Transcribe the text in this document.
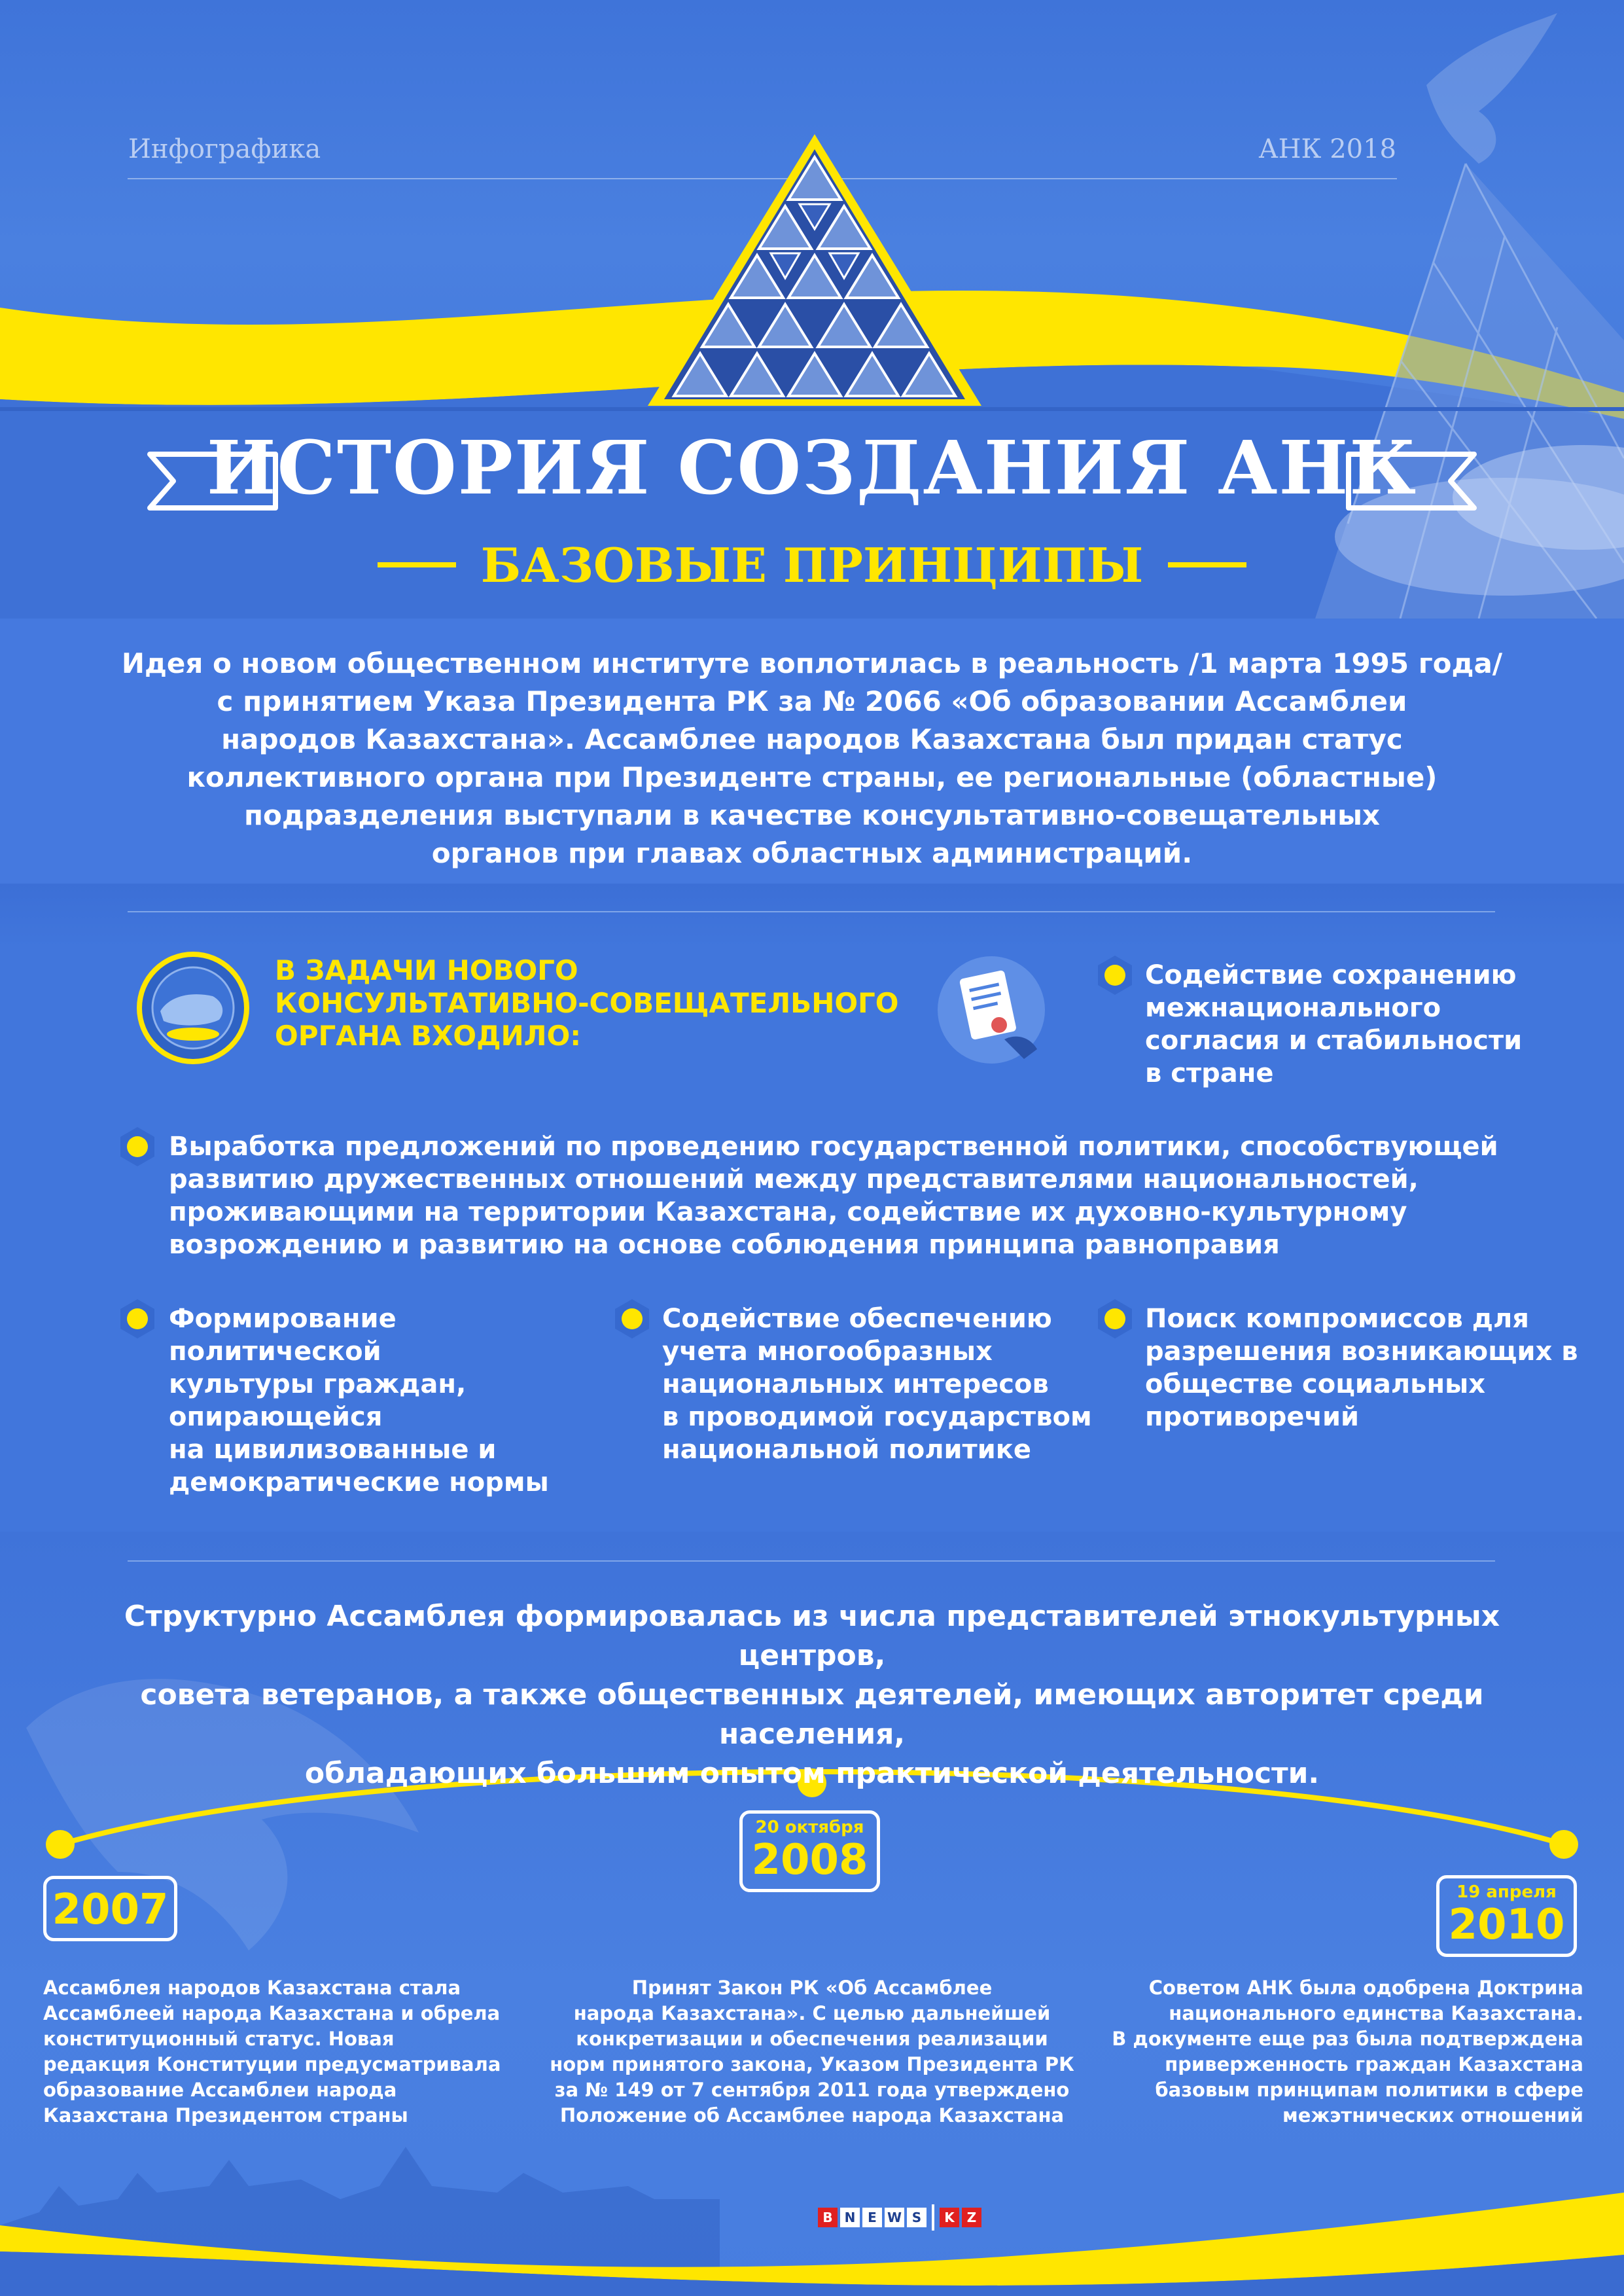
Инфографика	АНК 2018
ИСТОРИЯ СОЗДАНИЯ АНК
БАЗОВЫЕ ПРИНЦИПЫ
Идея о новом общественном институте воплотилась в реальность /1 марта 1995 года/
с принятием Указа Президента РК за № 2066 «Об образовании Ассамблеи
народов Казахстана». Ассамблее народов Казахстана был придан статус
коллективного органа при Президенте страны, ее региональные (областные)
подразделения выступали в качестве консультативно-совещательных
органов при главах областных администраций.
В ЗАДАЧИ НОВОГО
КОНСУЛЬТАТИВНО-СОВЕЩАТЕЛЬНОГО
ОРГАНА ВХОДИЛО:
Содействие сохранению
межнационального
согласия и стабильности
в стране
Выработка предложений по проведению государственной политики, способствующей
развитию дружественных отношений между представителями национальностей,
проживающими на территории Казахстана, содействие их духовно-культурному
возрождению и развитию на основе соблюдения принципа равноправия
Формирование политической
культуры граждан,
опирающейся
на цивилизованные и
демократические нормы
Содействие обеспечению
учета многообразных
национальных интересов
в проводимой государством
национальной политике
Поиск компромиссов для
разрешения возникающих в
обществе социальных
противоречий
Структурно Ассамблея формировалась из числа представителей этнокультурных центров,
совета ветеранов, а также общественных деятелей, имеющих авторитет среди населения,
обладающих большим опытом практической деятельности.
2007
Ассамблея народов Казахстана стала
Ассамблеей народа Казахстана и обрела
конституционный статус. Новая
редакция Конституции предусматривала
образование Ассамблеи народа
Казахстана Президентом страны
20 октября
2008
Принят Закон РК «Об Ассамблее
народа Казахстана». С целью дальнейшей
конкретизации и обеспечения реализации
норм принятого закона, Указом Президента РК
за № 149 от 7 сентября 2011 года утверждено
Положение об Ассамблее народа Казахстана
19 апреля
2010
Советом АНК была одобрена Доктрина
национального единства Казахстана.
В документе еще раз была подтверждена
приверженность граждан Казахстана
базовым принципам политики в сфере
межэтнических отношений
B N E W S	K Z
